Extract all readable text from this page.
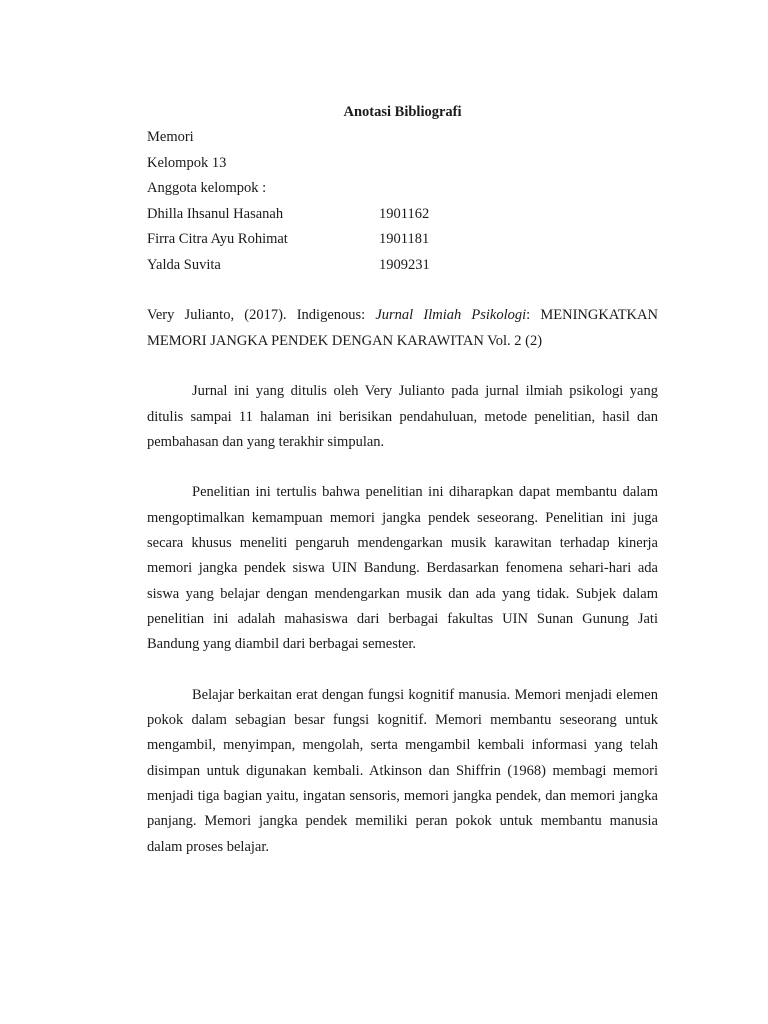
Anotasi Bibliografi

Memori

Kelompok 13

Anggota kelompok :

Dhilla Ihsanul Hasanah	1901162
Firra Citra Ayu Rohimat	1901181
Yalda Suvita	1909231

Very Julianto, (2017). Indigenous: Jurnal Ilmiah Psikologi: MENINGKATKAN MEMORI JANGKA PENDEK DENGAN KARAWITAN Vol. 2 (2)

Jurnal ini yang ditulis oleh Very Julianto pada jurnal ilmiah psikologi yang ditulis sampai 11 halaman ini berisikan pendahuluan, metode penelitian, hasil dan pembahasan dan yang terakhir simpulan.

Penelitian ini tertulis bahwa penelitian ini diharapkan dapat membantu dalam mengoptimalkan kemampuan memori jangka pendek seseorang. Penelitian ini juga secara khusus meneliti pengaruh mendengarkan musik karawitan terhadap kinerja memori jangka pendek siswa UIN Bandung. Berdasarkan fenomena sehari-hari ada siswa yang belajar dengan mendengarkan musik dan ada yang tidak. Subjek dalam penelitian ini adalah mahasiswa dari berbagai fakultas UIN Sunan Gunung Jati Bandung yang diambil dari berbagai semester.

Belajar berkaitan erat dengan fungsi kognitif manusia. Memori menjadi elemen pokok dalam sebagian besar fungsi kognitif. Memori membantu seseorang untuk mengambil, menyimpan, mengolah, serta mengambil kembali informasi yang telah disimpan untuk digunakan kembali. Atkinson dan Shiffrin (1968) membagi memori menjadi tiga bagian yaitu, ingatan sensoris, memori jangka pendek, dan memori jangka panjang. Memori jangka pendek memiliki peran pokok untuk membantu manusia dalam proses belajar.
